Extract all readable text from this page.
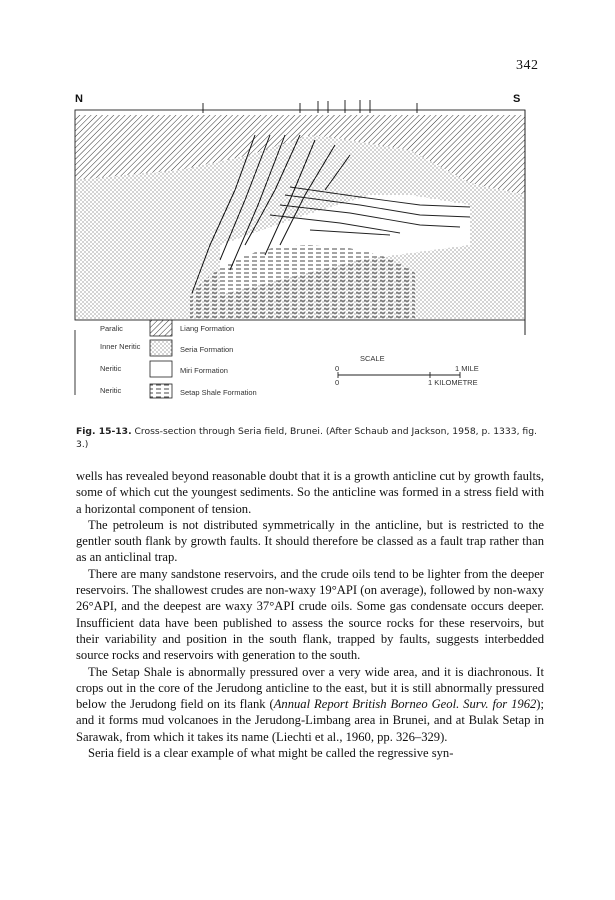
342
N	S
Paralic	Liang Formation
Inner Neritic	Seria Formation
Neritic	Miri Formation
Neritic	Setap Shale Formation
SCALE
0	1 MILE
0	1 KILOMETRE
Fig. 15-13. Cross-section through Seria field, Brunei. (After Schaub and Jackson, 1958, p. 1333, fig. 3.)

wells has revealed beyond reasonable doubt that it is a growth anticline cut by growth faults, some of which cut the youngest sediments. So the anticline was formed in a stress field with a horizontal component of tension.

The petroleum is not distributed symmetrically in the anticline, but is restricted to the gentler south flank by growth faults. It should therefore be classed as a fault trap rather than as an anticlinal trap.

There are many sandstone reservoirs, and the crude oils tend to be lighter from the deeper reservoirs. The shallowest crudes are non-waxy 19°API (on average), followed by non-waxy 26°API, and the deepest are waxy 37°API crude oils. Some gas condensate occurs deeper. Insufficient data have been published to assess the source rocks for these reservoirs, but their variability and position in the south flank, trapped by faults, suggests interbedded source rocks and reservoirs with generation to the south.

The Setap Shale is abnormally pressured over a very wide area, and it is diachronous. It crops out in the core of the Jerudong anticline to the east, but it is still abnormally pressured below the Jerudong field on its flank (Annual Report British Borneo Geol. Surv. for 1962); and it forms mud volcanoes in the Jerudong-Limbang area in Brunei, and at Bulak Setap in Sarawak, from which it takes its name (Liechti et al., 1960, pp. 326–329).

Seria field is a clear example of what might be called the regressive syn-
